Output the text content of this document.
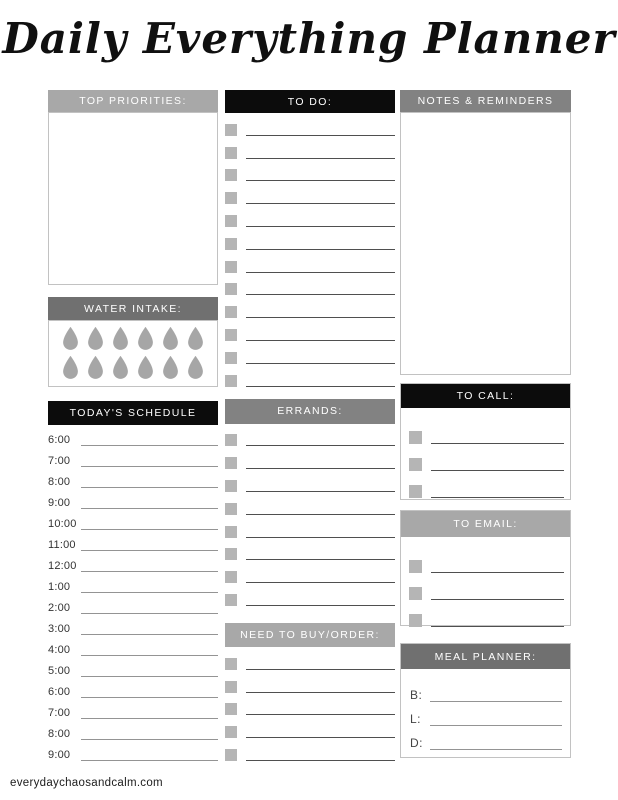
Daily Everything Planner
TOP PRIORITIES:
WATER INTAKE:
TODAY'S SCHEDULE
6:00
7:00
8:00
9:00
10:00
11:00
12:00
1:00
2:00
3:00
4:00
5:00
6:00
7:00
8:00
9:00
TO DO:
ERRANDS:
NEED TO BUY/ORDER:
NOTES & REMINDERS
TO CALL:
TO EMAIL:
MEAL PLANNER:
B:
L:
D:
everydaychaosandcalm.com
